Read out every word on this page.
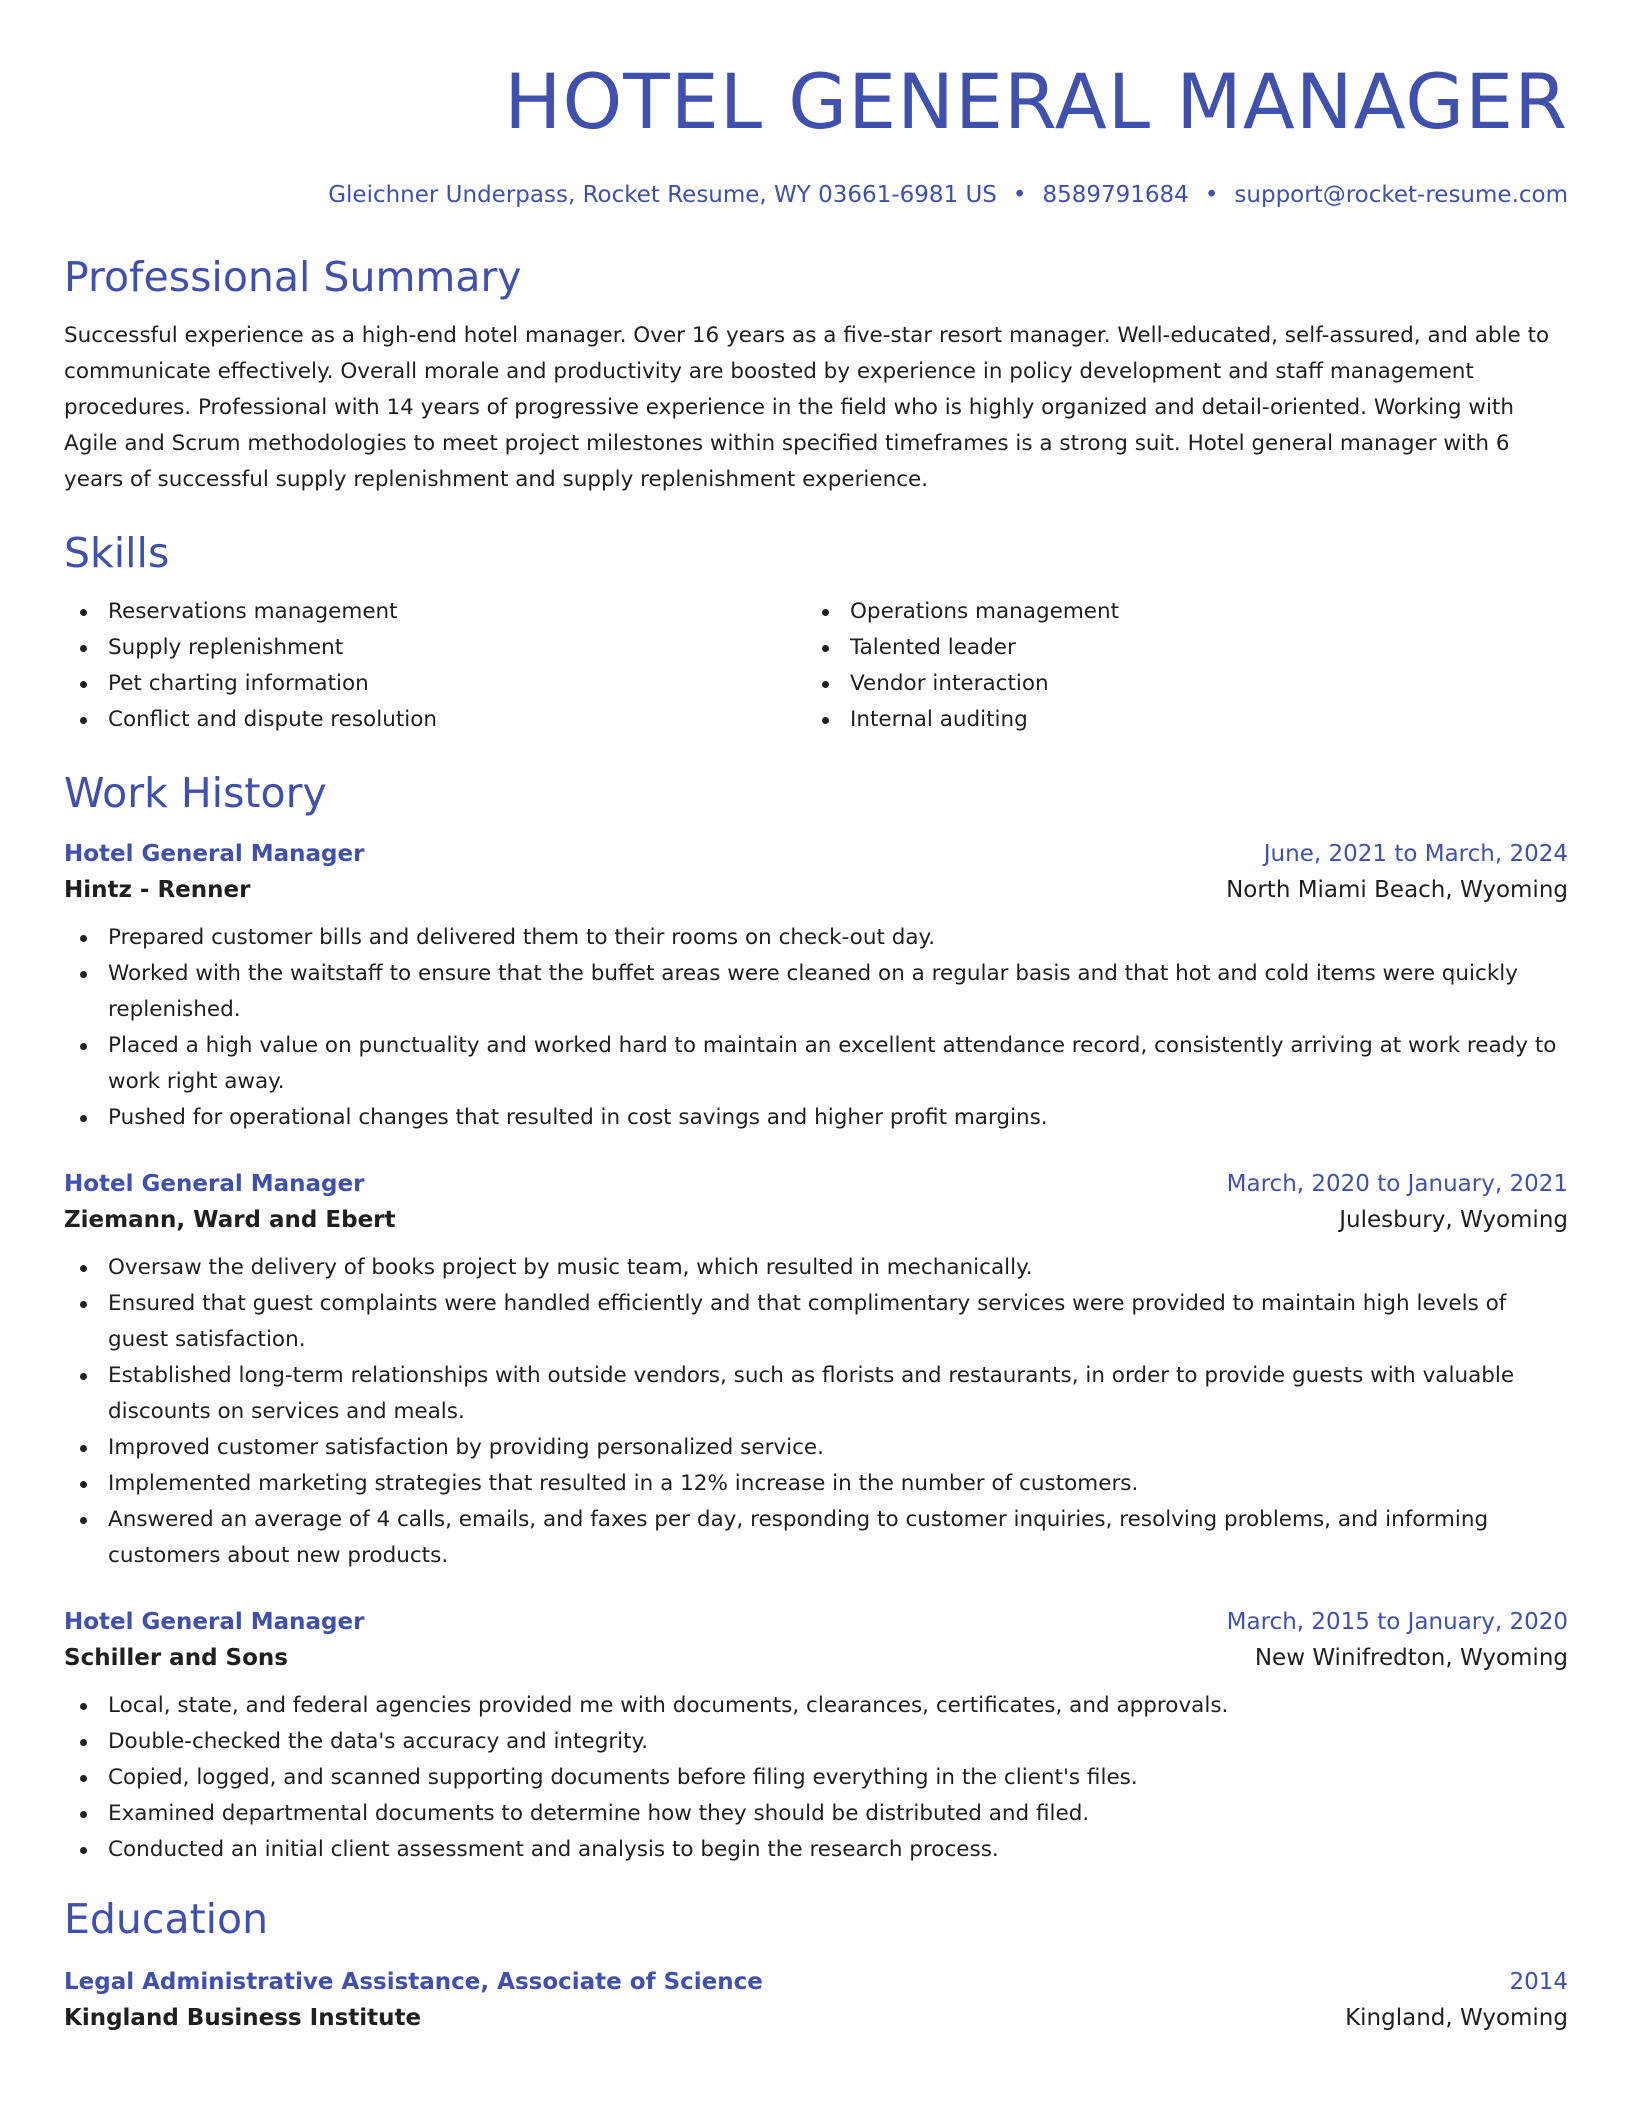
HOTEL GENERAL MANAGER
Gleichner Underpass, Rocket Resume, WY 03661-6981 US • 8589791684 • support@rocket-resume.com
Professional Summary
Successful experience as a high-end hotel manager. Over 16 years as a five-star resort manager. Well-educated, self-assured, and able to communicate effectively. Overall morale and productivity are boosted by experience in policy development and staff management procedures. Professional with 14 years of progressive experience in the field who is highly organized and detail-oriented. Working with Agile and Scrum methodologies to meet project milestones within specified timeframes is a strong suit. Hotel general manager with 6 years of successful supply replenishment and supply replenishment experience.
Skills
Reservations management
Supply replenishment
Pet charting information
Conflict and dispute resolution
Operations management
Talented leader
Vendor interaction
Internal auditing
Work History
Hotel General Manager	June, 2021 to March, 2024
Hintz - Renner	North Miami Beach, Wyoming
Prepared customer bills and delivered them to their rooms on check-out day.
Worked with the waitstaff to ensure that the buffet areas were cleaned on a regular basis and that hot and cold items were quickly replenished.
Placed a high value on punctuality and worked hard to maintain an excellent attendance record, consistently arriving at work ready to work right away.
Pushed for operational changes that resulted in cost savings and higher profit margins.
Hotel General Manager	March, 2020 to January, 2021
Ziemann, Ward and Ebert	Julesbury, Wyoming
Oversaw the delivery of books project by music team, which resulted in mechanically.
Ensured that guest complaints were handled efficiently and that complimentary services were provided to maintain high levels of guest satisfaction.
Established long-term relationships with outside vendors, such as florists and restaurants, in order to provide guests with valuable discounts on services and meals.
Improved customer satisfaction by providing personalized service.
Implemented marketing strategies that resulted in a 12% increase in the number of customers.
Answered an average of 4 calls, emails, and faxes per day, responding to customer inquiries, resolving problems, and informing customers about new products.
Hotel General Manager	March, 2015 to January, 2020
Schiller and Sons	New Winifredton, Wyoming
Local, state, and federal agencies provided me with documents, clearances, certificates, and approvals.
Double-checked the data's accuracy and integrity.
Copied, logged, and scanned supporting documents before filing everything in the client's files.
Examined departmental documents to determine how they should be distributed and filed.
Conducted an initial client assessment and analysis to begin the research process.
Education
Legal Administrative Assistance, Associate of Science	2014
Kingland Business Institute	Kingland, Wyoming
